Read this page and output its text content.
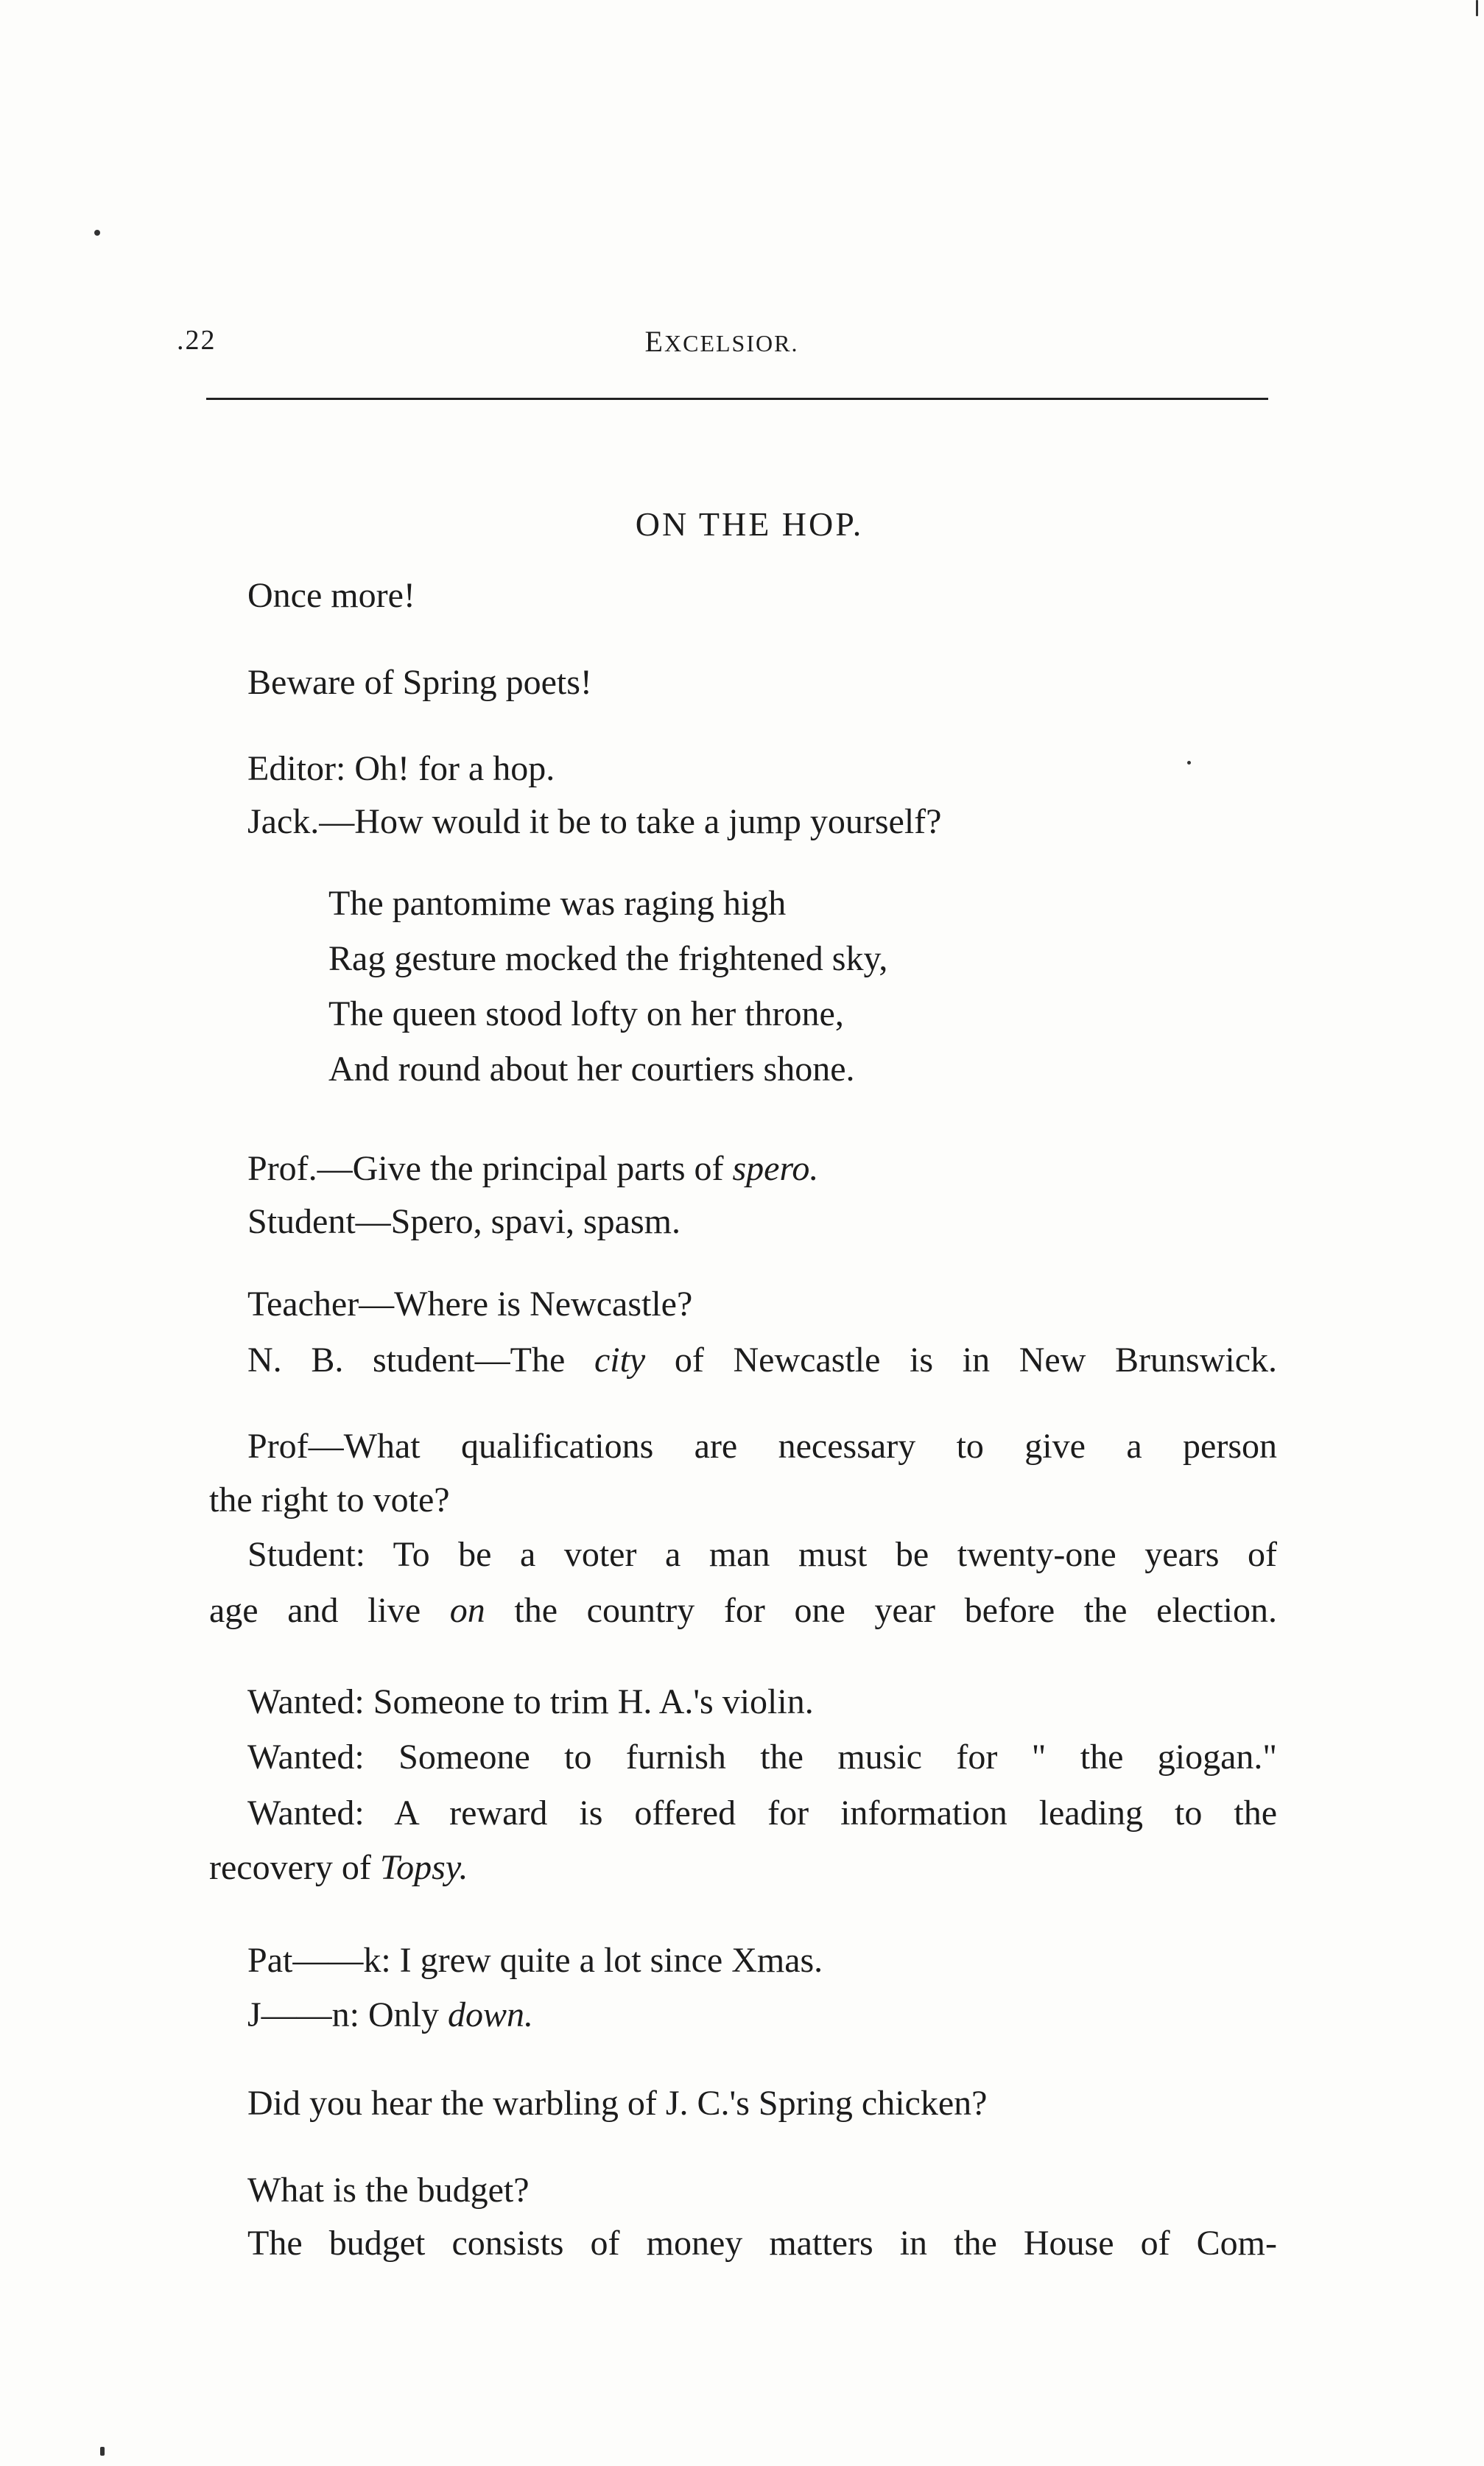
.22	EXCELSIOR.
ON THE HOP.
Once more!
Beware of Spring poets!
Editor: Oh! for a hop.
Jack.—How would it be to take a jump yourself?
The pantomime was raging high
Rag gesture mocked the frightened sky,
The queen stood lofty on her throne,
And round about her courtiers shone.
Prof.—Give the principal parts of spero.
Student—Spero, spavi, spasm.
Teacher—Where is Newcastle?
N. B. student—The city of Newcastle is in New Brunswick.
Prof—What qualifications are necessary to give a person
the right to vote?
Student: To be a voter a man must be twenty-one years of
age and live on the country for one year before the election.
Wanted: Someone to trim H. A.'s violin.
Wanted: Someone to furnish the music for " the giogan."
Wanted: A reward is offered for information leading to the
recovery of Topsy.
Pat——k: I grew quite a lot since Xmas.
J——n: Only down.
Did you hear the warbling of J. C.'s Spring chicken?
What is the budget?
The budget consists of money matters in the House of Com-
